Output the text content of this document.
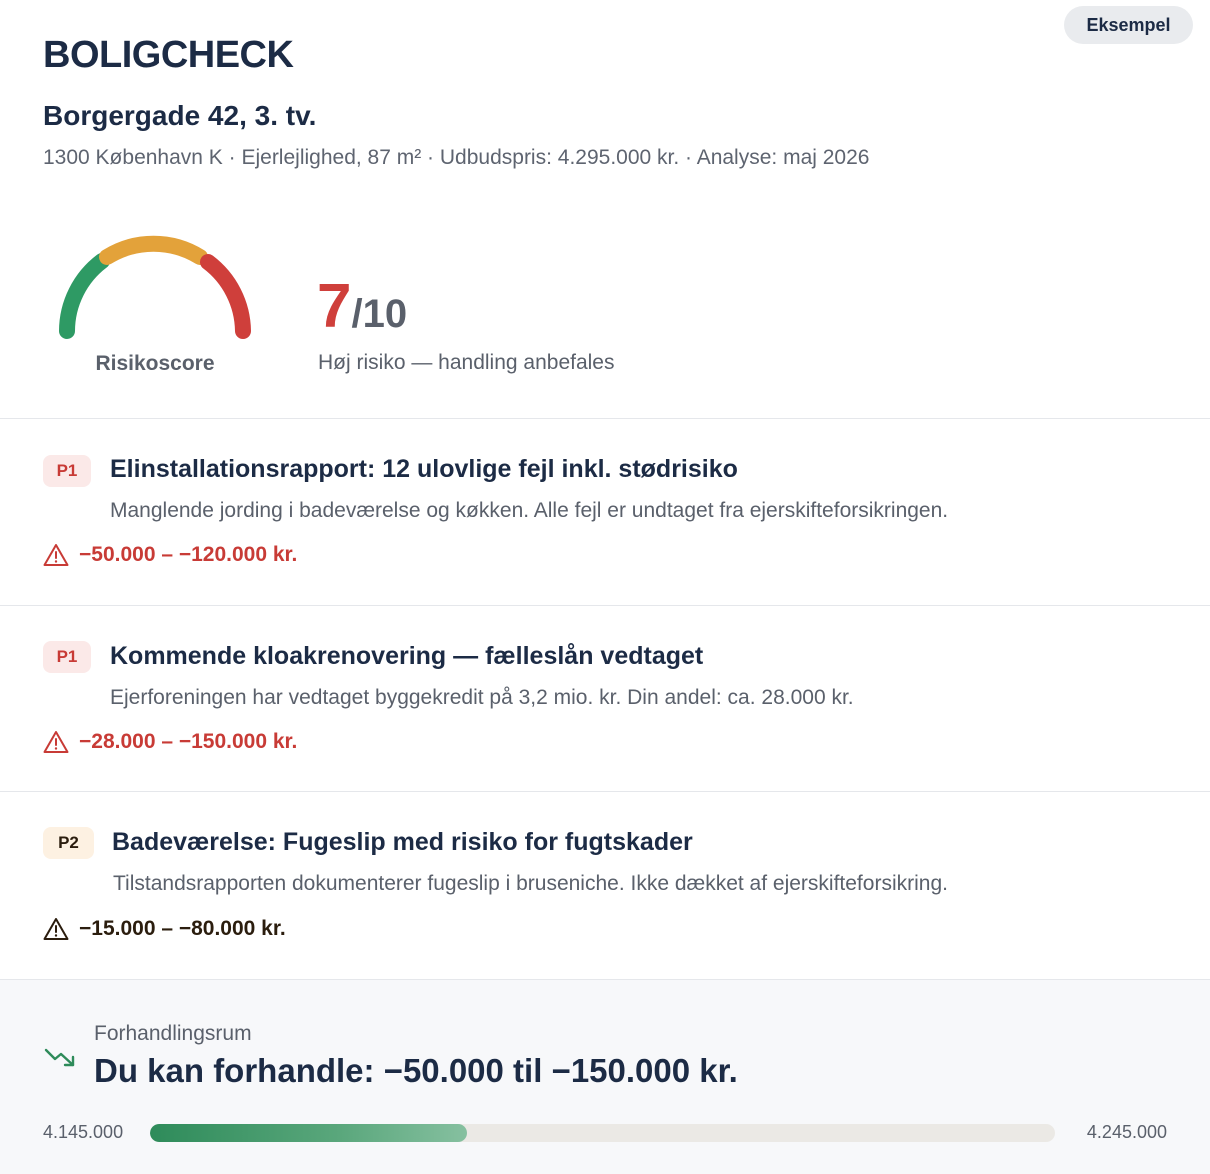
Eksempel
BOLIGCHECK
Borgergade 42, 3. tv.
1300 København K · Ejerlejlighed, 87 m² · Udbudspris: 4.295.000 kr. · Analyse: maj 2026
Risikoscore
7 /10
Høj risiko — handling anbefales
P1	Elinstallationsrapport: 12 ulovlige fejl inkl. stødrisiko
Manglende jording i badeværelse og køkken. Alle fejl er undtaget fra ejerskifteforsikringen.
−50.000 – −120.000 kr.
P1	Kommende kloakrenovering — fælleslån vedtaget
Ejerforeningen har vedtaget byggekredit på 3,2 mio. kr. Din andel: ca. 28.000 kr.
−28.000 – −150.000 kr.
P2	Badeværelse: Fugeslip med risiko for fugtskader
Tilstandsrapporten dokumenterer fugeslip i bruseniche. Ikke dækket af ejerskifteforsikring.
−15.000 – −80.000 kr.
Forhandlingsrum
Du kan forhandle: −50.000 til −150.000 kr.
4.145.000	4.245.000
